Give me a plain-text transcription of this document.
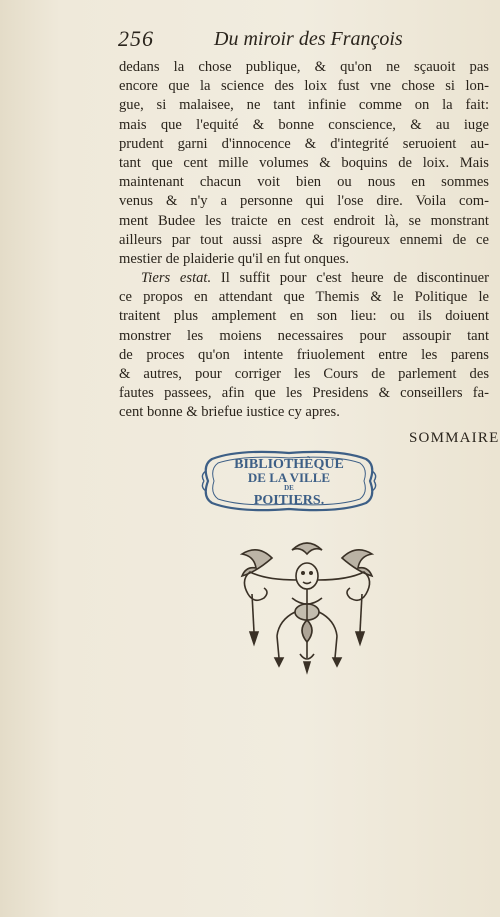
256	Du miroir des François
dedans la chose publique, & qu'on ne sçauoit pas
encore que la science des loix fust vne chose si lon-
gue, si malaisee, ne tant infinie comme on la fait:
mais que l'equité & bonne conscience, & au iuge
prudent garni d'innocence & d'integrité seruoient au-
tant que cent mille volumes & boquins de loix. Mais
maintenant chacun voit bien ou nous en sommes
venus & n'y a personne qui l'ose dire. Voila com-
ment Budee les traicte en cest endroit là, se monstrant
ailleurs par tout aussi aspre & rigoureux ennemi de ce
mestier de plaiderie qu'il en fut onques.
Tiers estat. Il suffit pour c'est heure de discontinuer
ce propos en attendant que Themis & le Politique le
traitent plus amplement en son lieu: ou ils doiuent
monstrer les moiens necessaires pour assoupir tant
de proces qu'on intente friuolement entre les parens
& autres, pour corriger les Cours de parlement des
fautes passees, afin que les Presidens & conseillers fa-
cent bonne & briefue iustice cy apres.
SOMMAIRE
BIBLIOTHÈQUE
DE LA VILLE
DE
POITIERS.
